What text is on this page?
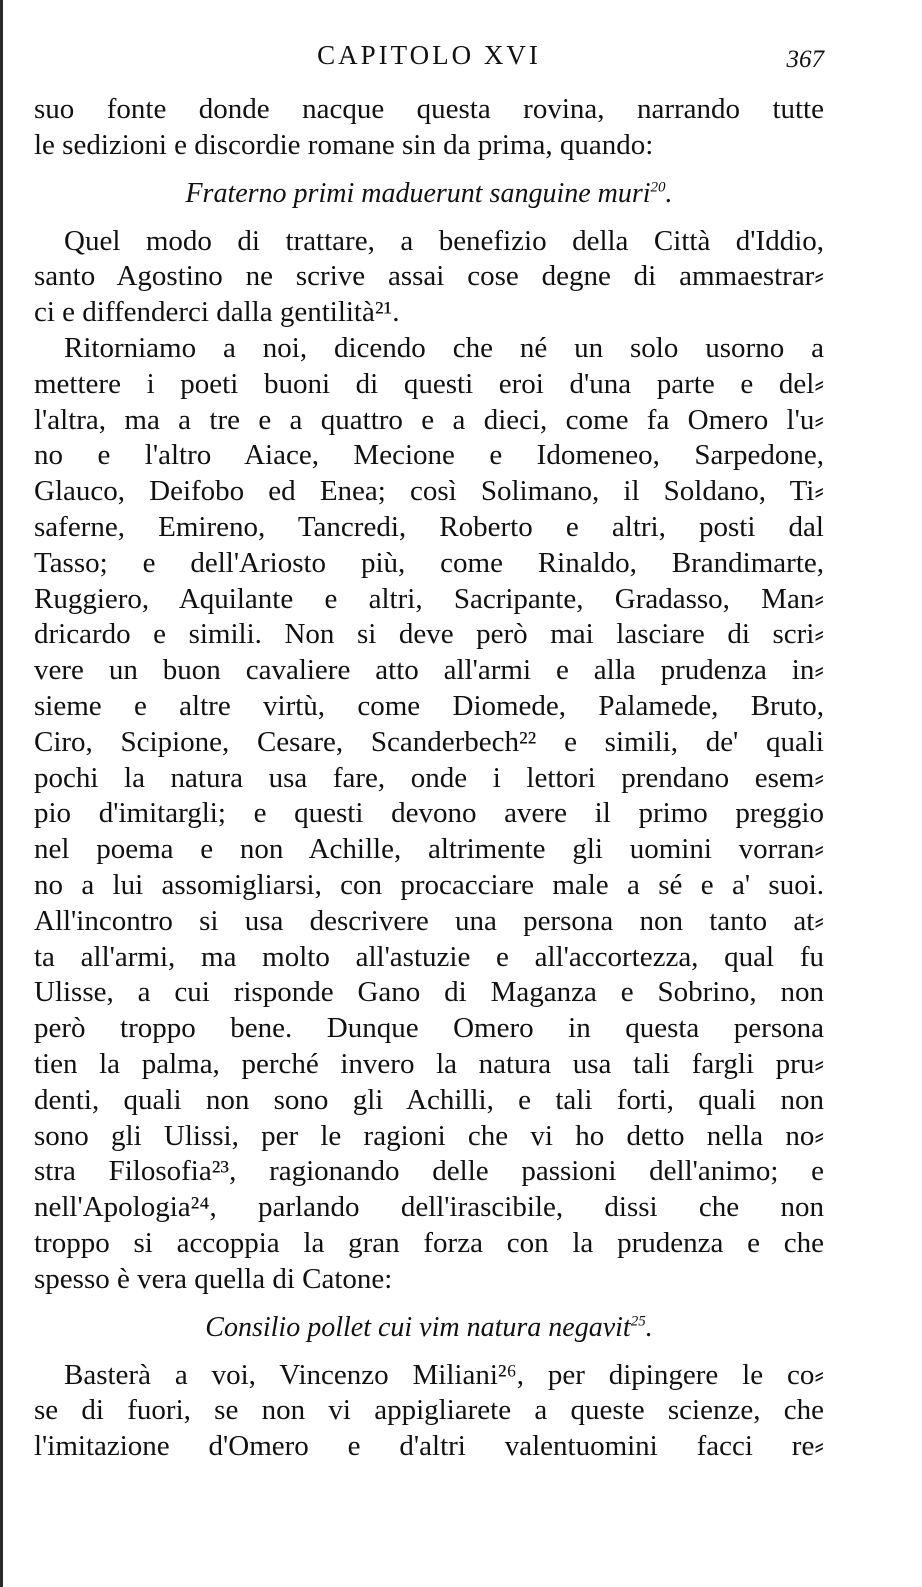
CAPITOLO XVI	367
suo fonte donde nacque questa rovina, narrando tutte
le sedizioni e discordie romane sin da prima, quando:
Fraterno primi maduerunt sanguine muri$^{20}$.
Quel modo di trattare, a benefizio della Città d'Iddio,
santo Agostino ne scrive assai cose degne di ammaestrar⸗
ci e diffenderci dalla gentilità²¹.
Ritorniamo a noi, dicendo che né un solo usorno a
mettere i poeti buoni di questi eroi d'una parte e del⸗
l'altra, ma a tre e a quattro e a dieci, come fa Omero l'u⸗
no e l'altro Aiace, Mecione e Idomeneo, Sarpedone,
Glauco, Deifobo ed Enea; così Solimano, il Soldano, Ti⸗
saferne, Emireno, Tancredi, Roberto e altri, posti dal
Tasso; e dell'Ariosto più, come Rinaldo, Brandimarte,
Ruggiero, Aquilante e altri, Sacripante, Gradasso, Man⸗
dricardo e simili. Non si deve però mai lasciare di scri⸗
vere un buon cavaliere atto all'armi e alla prudenza in⸗
sieme e altre virtù, come Diomede, Palamede, Bruto,
Ciro, Scipione, Cesare, Scanderbech²² e simili, de' quali
pochi la natura usa fare, onde i lettori prendano esem⸗
pio d'imitargli; e questi devono avere il primo preggio
nel poema e non Achille, altrimente gli uomini vorran⸗
no a lui assomigliarsi, con procacciare male a sé e a' suoi.
All'incontro si usa descrivere una persona non tanto at⸗
ta all'armi, ma molto all'astuzie e all'accortezza, qual fu
Ulisse, a cui risponde Gano di Maganza e Sobrino, non
però troppo bene. Dunque Omero in questa persona
tien la palma, perché invero la natura usa tali fargli pru⸗
denti, quali non sono gli Achilli, e tali forti, quali non
sono gli Ulissi, per le ragioni che vi ho detto nella no⸗
stra Filosofia²³, ragionando delle passioni dell'animo; e
nell'Apologia²⁴, parlando dell'irascibile, dissi che non
troppo si accoppia la gran forza con la prudenza e che
spesso è vera quella di Catone:
Consilio pollet cui vim natura negavit$^{25}$.
Basterà a voi, Vincenzo Miliani²⁶, per dipingere le co⸗
se di fuori, se non vi appigliarete a queste scienze, che
l'imitazione d'Omero e d'altri valentuomini facci re⸗
